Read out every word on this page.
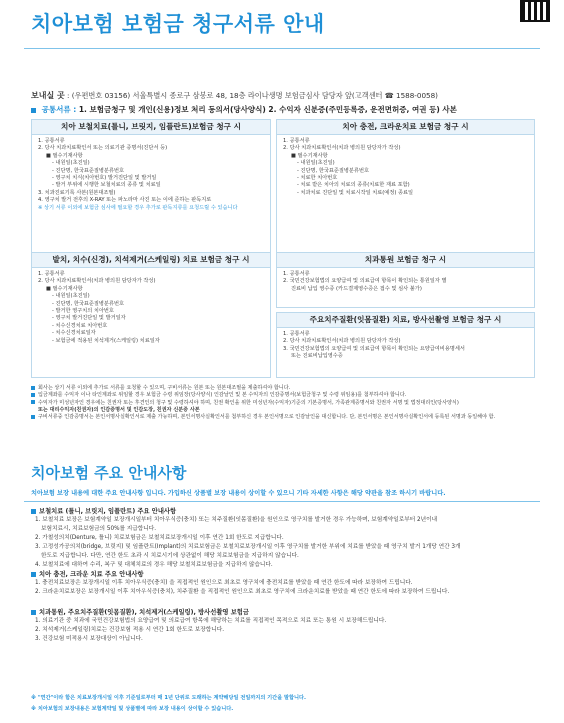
치아보험 보험금 청구서류 안내
보내실 곳 : (우편번호 03156) 서울특별시 종로구 삼봉로 48, 18층 라이나생명 보험금심사 담당자 앞(고객센터 ☎ 1588-0058)
공통서류 : 1. 보험금청구 및 개인(신용)정보 처리 동의서(당사양식) 2. 수익자 신분증(주민등록증, 운전면허증, 여권 등) 사본
치아 보철치료(틀니, 브릿지, 임플란트)보험금 청구 시
1. 공통서류
2. 당사 치과치료확인서 또는 의료기관 증명서(진단서 등)
■ 필수기재사항
- 내원일(초진일)
- 진단명, 한국표준질병분류번호
- 영구치 치식(치아번호) 발거진단일 및 발거일
- 발거 부위에 시행한 보철치료의 종류 및 치료일
3. 치과진료기록 사본(원본대조필)
4. 영구치 발거 전후의 X-RAY 또는 파노라마 사진 또는 이에 준하는 판독지로
※ 상기 서류 이외에 보험금 심사에 필요할 경우 추가로 판독지류를 요청드릴 수 있습니다
치아 충전, 크라운치료 보험금 청구 시
1. 공통서류
2. 당사 치과치료확인서(치과 병의원 담당자가 작성)
■ 필수기재사항
- 내원일(초진일)
- 진단명, 한국표준질병분류번호
- 치료한 치아번호
- 치료 받은 치아의 치료의 종류(치료한 재료 포함)
- 치과치료 진단일 및 치료시작일 치료(예정) 종료일
발치, 치수(신경), 치석제거(스케일링) 치료 보험금 청구 시
1. 공통서류
2. 당사 치과치료확인서(치과 병의원 담당자가 작성)
■ 필수기재사항
- 내원일(초진일)
- 진단명, 한국표준질병분류번호
- 발거한 영구치의 치아번호
- 영구치 발거진단일 및 발거일자
- 치수신경치료 치아번호
- 치수신경치료일자
- 보험금에 적용된 치석제거(스케일링) 치료일자
치과통원 보험금 청구 시
1. 공통서류
2. 국민건강보험법의 요양급여 및 의료급여 항목이 확인되는 통원일자 별
진료비 납입 영수증 (카드결제영수증은 접수 및 심사 불가)
주요치주질환(잇몸질환) 치료, 방사선촬영 보험금 청구 시
1. 공통서류
2. 당사 치과치료확인서(치과 병의원 담당자가 작성)
3. 국민건강보험법의 요양급여 및 의료급여 항목이 확인되는 요양급여비용명세서
또는 진료비납입영수증
회사는 상기 서류 이외에 추가로 서류를 요청할 수 있으며, 구비서류는 원본 또는 원본대조필을 제출하셔야 합니다.
입금계좌를 수익자 이나 타인계좌로 위임할 경우 보험금 수령 위임장(당사양식) 인감날인 및 본 수익자의 인감증명서(보험금청구 및 수령 위임용)를 첨부하셔야 합니다.
수익자가 미성년자인 경우에는 친권자 또는 후견인의 청구 및 수령하셔야 하며, 친권 확인을 위한 미성년자(수익자)기준의 기본증명서, 가족관계증명서와 친권자 서명 및 법정대리인(당사양식)
또는 대리수익자(친권자)의 인감증명서 및 인감도장, 친권자 신분증 사본
구비서류중 인감증명서는 본인서명사실확인서로 제출 가능하며, 본인서명사실확인서를 첨부하신 경우 본인서명으로 인감날인을 대신합니다. 단, 본인서명은 본인서명사실확인서에 등록된 서명과 동일해야 함.
치아보험 주요 안내사항
치아보험 보장 내용에 대한 주요 안내사항 입니다. 가입하신 상품별 보장 내용이 상이할 수 있으니 기타 자세한 사항은 해당 약관을 참조 하시기 바랍니다.
보철치료 (틀니, 브릿지, 임플란트) 주요 안내사항
1. 보철치료 보장은 보험계약일 보장개시일부터 치아우식증(충치) 또는 치주질환(잇몸질환)을 원인으로 영구치를 발거한 경우 가능하며, 보험계약일로부터 2년이내
보험치료시, 치료보험금의 50%를 지급합니다.
2. 가철성의치(Denture, 틀니) 치료보험금은 보철치료보장개시일 이후 연간 1회 한도로 지급합니다.
3. 고정성가공의치(bridge, 브릿지) 및 임플란트(Implant)의 치료보험금은 보철치료보장개시일 이후 영구치를 발거한 부위에 치료를 받았을 때 영구치 발거 1개당 연간 3개
한도로 지급합니다. 다만, 연간 한도 초과 시 치료시기에 상관없이 해당 치료보험금을 지급하지 않습니다.
4. 보철치료에 대하여 수리, 복구 및 대체치료의 경우 해당 보철치료보험금을 지급하지 않습니다.
치아 충전, 크라운 치료 주요 안내사항
1. 충전치료보장은 보장개시일 이후 치아우식증(충치) 을 직접적인 원인으로 최초로 영구치에 충전치료를 받았을 때 연간 한도에 따라 보장하여 드립니다.
2. 크라운치료보장은 보장개시일 이후 치아우식증(충치), 치주질환 을 직접적인 원인으로 최초로 영구치에 크라운치료를 받았을 때 연간 한도에 따라 보장하여 드립니다.
치과통원, 주요치주질환(잇몸질환), 치석제거(스케일링), 방사선촬영 보험금
1. 의료기관 중 치과에 국민건강보험법의 요양급여 및 의료급여 항목에 해당하는 치료를 직접적인 목적으로 치료 또는 통원 시 보장해드립니다.
2. 치석제거(스케일링)치료는 건강보험 적용 시 연간 1회 한도로 보장합니다.
3. 건강보험 미적용시 보장대상이 아닙니다.
※ "연간"이라 함은 치료보장개시일 이후 기준일로부터 매 1년 단위로 도래하는 계약해당일 전일까지의 기간을 말합니다.
※ 치아보험의 보장내용은 보험계약일 및 상품별에 따라 보장 내용이 상이할 수 있습니다.
